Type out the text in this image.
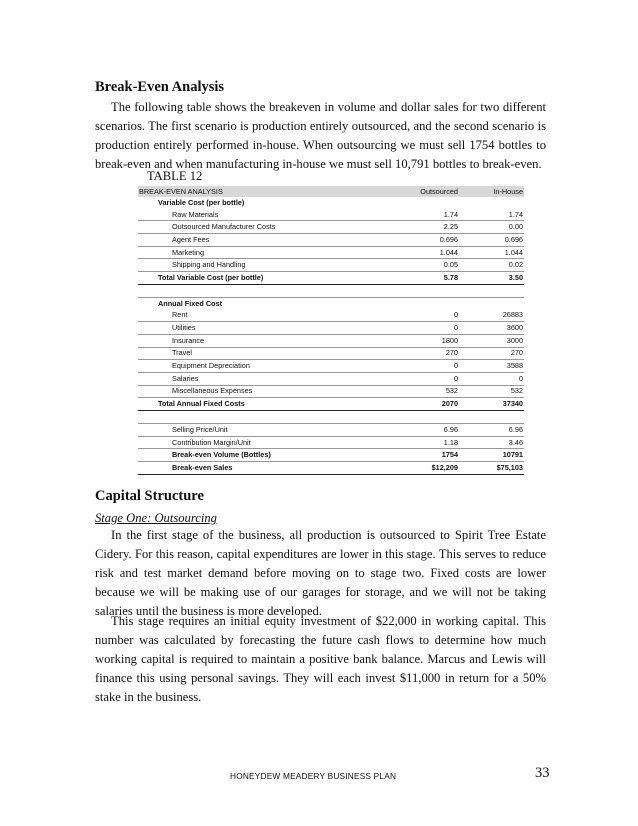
Break-Even Analysis

The following table shows the breakeven in volume and dollar sales for two different scenarios. The first scenario is production entirely outsourced, and the second scenario is production entirely performed in-house. When outsourcing we must sell 1754 bottles to break-even and when manufacturing in-house we must sell 10,791 bottles to break-even.

TABLE 12
BREAK-EVEN ANALYSIS	Outsourced	In-House
Variable Cost (per bottle)		
Raw Materials	1.74	1.74
Outsourced Manufacturer Costs	2.25	0.00
Agent Fees	0.696	0.696
Marketing	1.044	1.044
Shipping and Handling	0.05	0.02
Total Variable Cost (per bottle)	5.78	3.50

Annual Fixed Cost		
Rent	0	26883
Utilities	0	3600
Insurance	1800	3000
Travel	270	270
Equipment Depreciation	0	3588
Salaries	0	0
Miscellaneous Expenses	532	532
Total Annual Fixed Costs	2070	37340

Selling Price/Unit	6.96	6.96
Contribution Margin/Unit	1.18	3.46
Break-even Volume (Bottles)	1754	10791
Break-even Sales	$12,209	$75,103
Capital Structure
Stage One: Outsourcing

In the first stage of the business, all production is outsourced to Spirit Tree Estate Cidery. For this reason, capital expenditures are lower in this stage. This serves to reduce risk and test market demand before moving on to stage two. Fixed costs are lower because we will be making use of our garages for storage, and we will not be taking salaries until the business is more developed.

This stage requires an initial equity investment of $22,000 in working capital. This number was calculated by forecasting the future cash flows to determine how much working capital is required to maintain a positive bank balance. Marcus and Lewis will finance this using personal savings. They will each invest $11,000 in return for a 50% stake in the business.

HONEYDEW MEADERY BUSINESS PLAN	33
